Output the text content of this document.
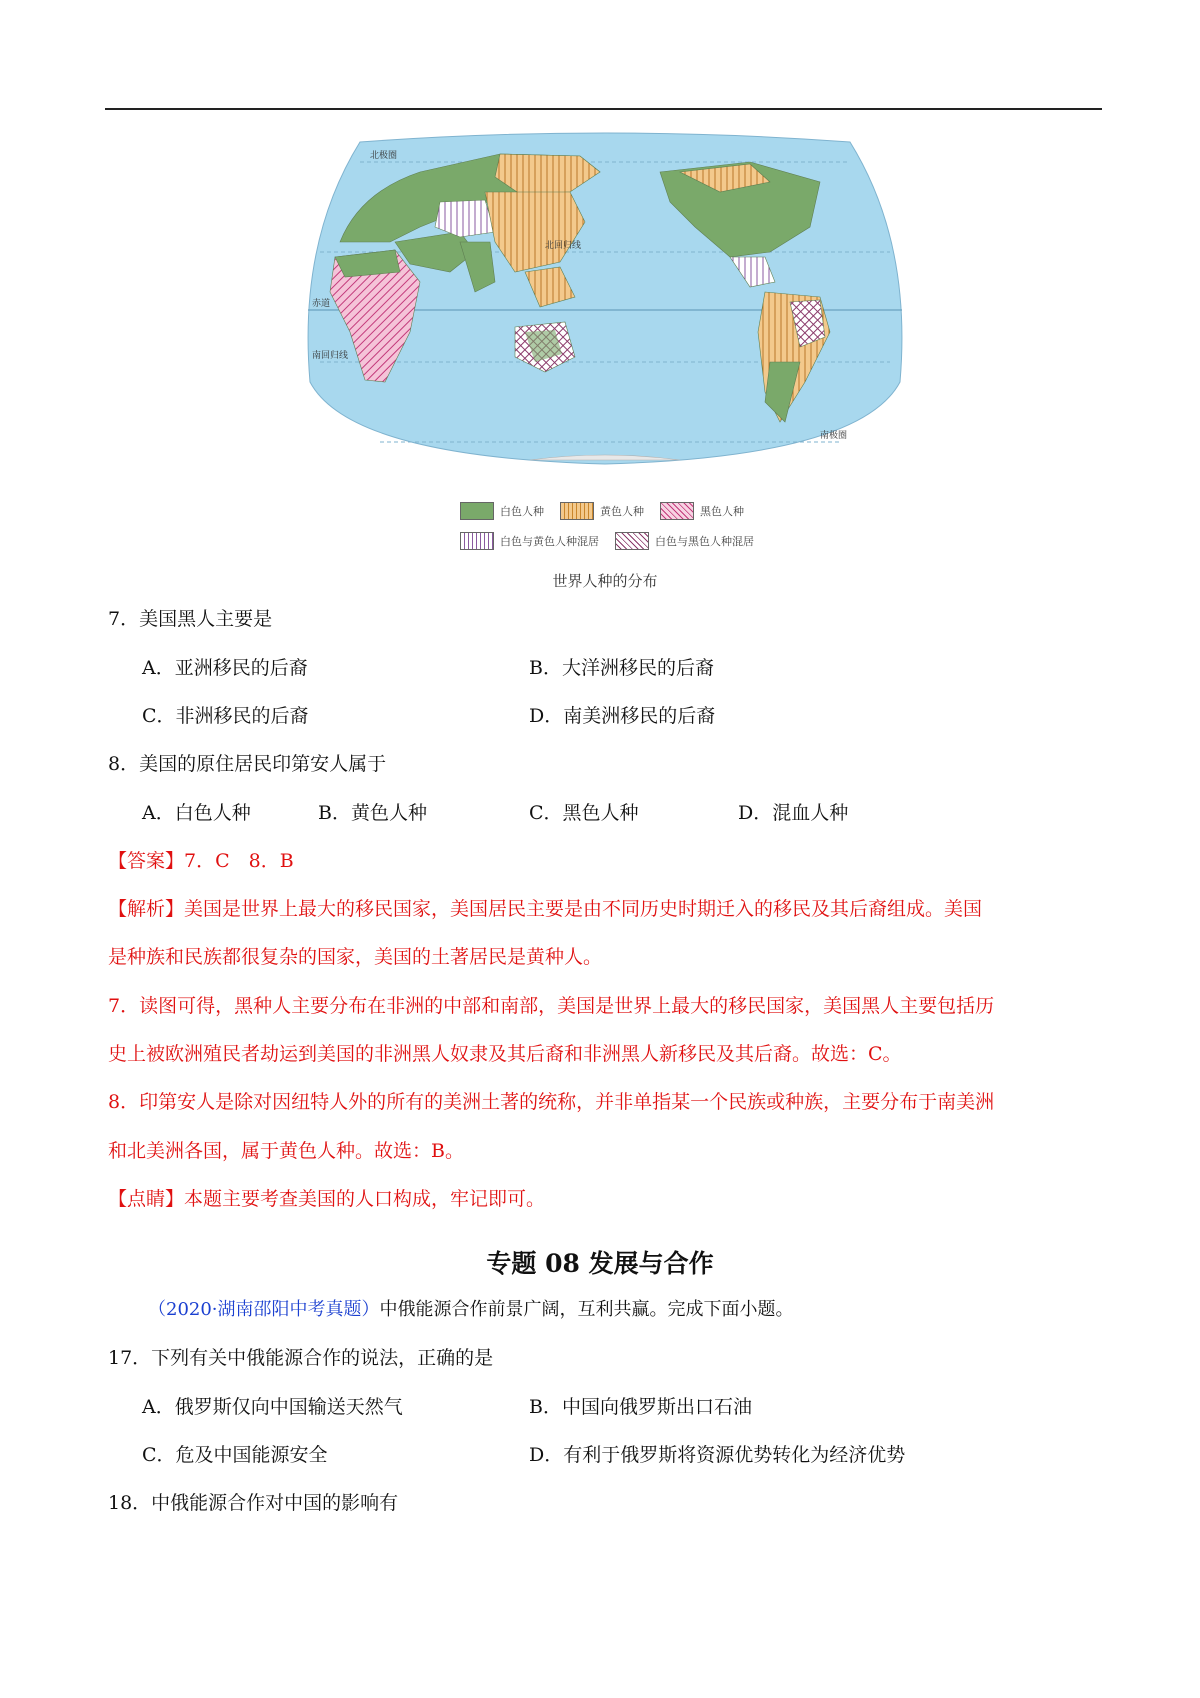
北极圈
北回归线
赤道
南回归线
南极圈
白色人种	黄色人种	黑色人种
白色与黄色人种混居	白色与黑色人种混居
世界人种的分布
7．美国黑人主要是
A．亚洲移民的后裔	B．大洋洲移民的后裔
C．非洲移民的后裔	D．南美洲移民的后裔
8．美国的原住居民印第安人属于
A．白色人种	B．黄色人种	C．黑色人种	D．混血人种
【答案】7．C　8．B
【解析】美国是世界上最大的移民国家，美国居民主要是由不同历史时期迁入的移民及其后裔组成。美国
是种族和民族都很复杂的国家，美国的土著居民是黄种人。
7．读图可得，黑种人主要分布在非洲的中部和南部，美国是世界上最大的移民国家，美国黑人主要包括历
史上被欧洲殖民者劫运到美国的非洲黑人奴隶及其后裔和非洲黑人新移民及其后裔。故选：C。
8．印第安人是除对因纽特人外的所有的美洲土著的统称，并非单指某一个民族或种族，主要分布于南美洲
和北美洲各国，属于黄色人种。故选：B。
【点睛】本题主要考查美国的人口构成，牢记即可。
专题 08 发展与合作
（2020·湖南邵阳中考真题）中俄能源合作前景广阔，互利共赢。完成下面小题。
17．下列有关中俄能源合作的说法，正确的是
A．俄罗斯仅向中国输送天然气	B．中国向俄罗斯出口石油
C．危及中国能源安全	D．有利于俄罗斯将资源优势转化为经济优势
18．中俄能源合作对中国的影响有
